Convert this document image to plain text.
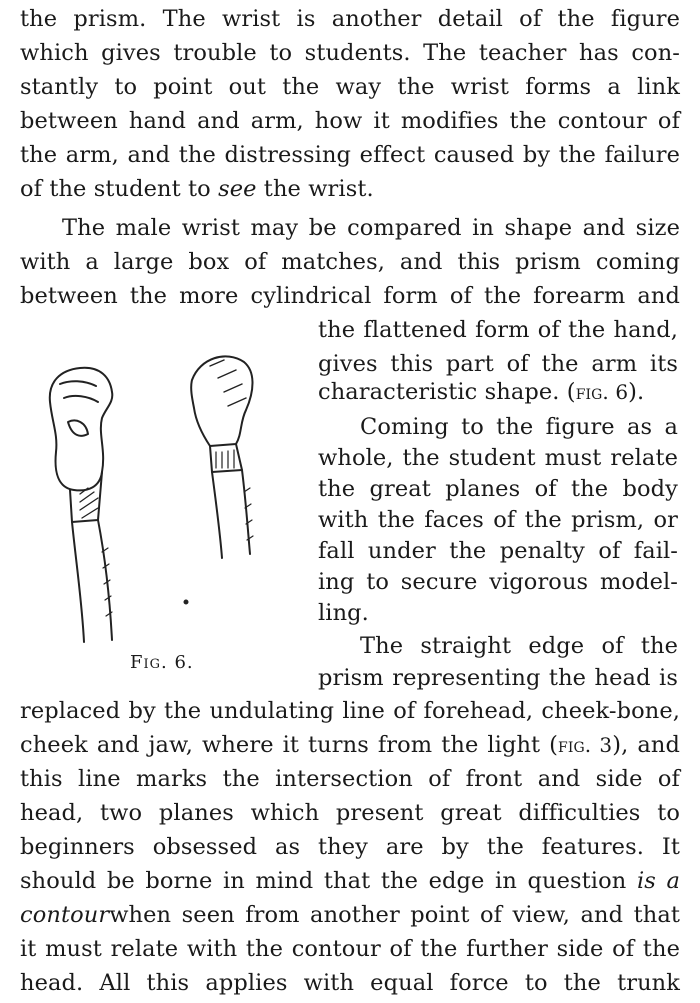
the prism. The wrist is another detail of the figure
which gives trouble to students. The teacher has con-
stantly to point out the way the wrist forms a link
between hand and arm, how it modifies the contour of
the arm, and the distressing effect caused by the failure
of the student to see the wrist.
The male wrist may be compared in shape and size
with a large box of matches, and this prism coming
between the more cylindrical form of the forearm and
the flattened form of the hand,
gives this part of the arm its
characteristic shape. (fig. 6).
Coming to the figure as a
whole, the student must relate
the great planes of the body
with the faces of the prism, or
fall under the penalty of fail-
ing to secure vigorous model-
ling.
The straight edge of the
prism representing the head is
replaced by the undulating line of forehead, cheek-bone,
cheek and jaw, where it turns from the light (fig. 3), and
this line marks the intersection of front and side of
head, two planes which present great difficulties to
beginners obsessed as they are by the features. It
should be borne in mind that the edge in question is a
contourwhen seen from another point of view, and that
it must relate with the contour of the further side of the
head. All this applies with equal force to the trunk
Fig. 6.
